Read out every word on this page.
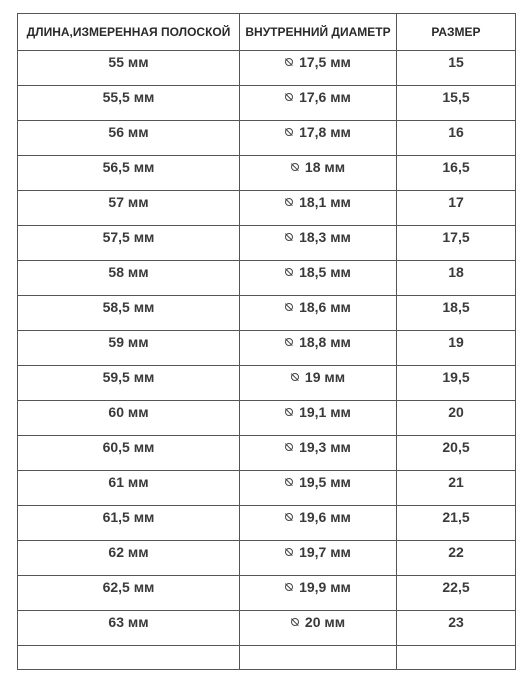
ДЛИНА,ИЗМЕРЕННАЯ ПОЛОСКОЙ	ВНУТРЕННИЙ ДИАМЕТР	РАЗМЕР
55 мм	17,5 мм	15
55,5 мм	17,6 мм	15,5
56 мм	17,8 мм	16
56,5 мм	18 мм	16,5
57 мм	18,1 мм	17
57,5 мм	18,3 мм	17,5
58 мм	18,5 мм	18
58,5 мм	18,6 мм	18,5
59 мм	18,8 мм	19
59,5 мм	19 мм	19,5
60 мм	19,1 мм	20
60,5 мм	19,3 мм	20,5
61 мм	19,5 мм	21
61,5 мм	19,6 мм	21,5
62 мм	19,7 мм	22
62,5 мм	19,9 мм	22,5
63 мм	20 мм	23
